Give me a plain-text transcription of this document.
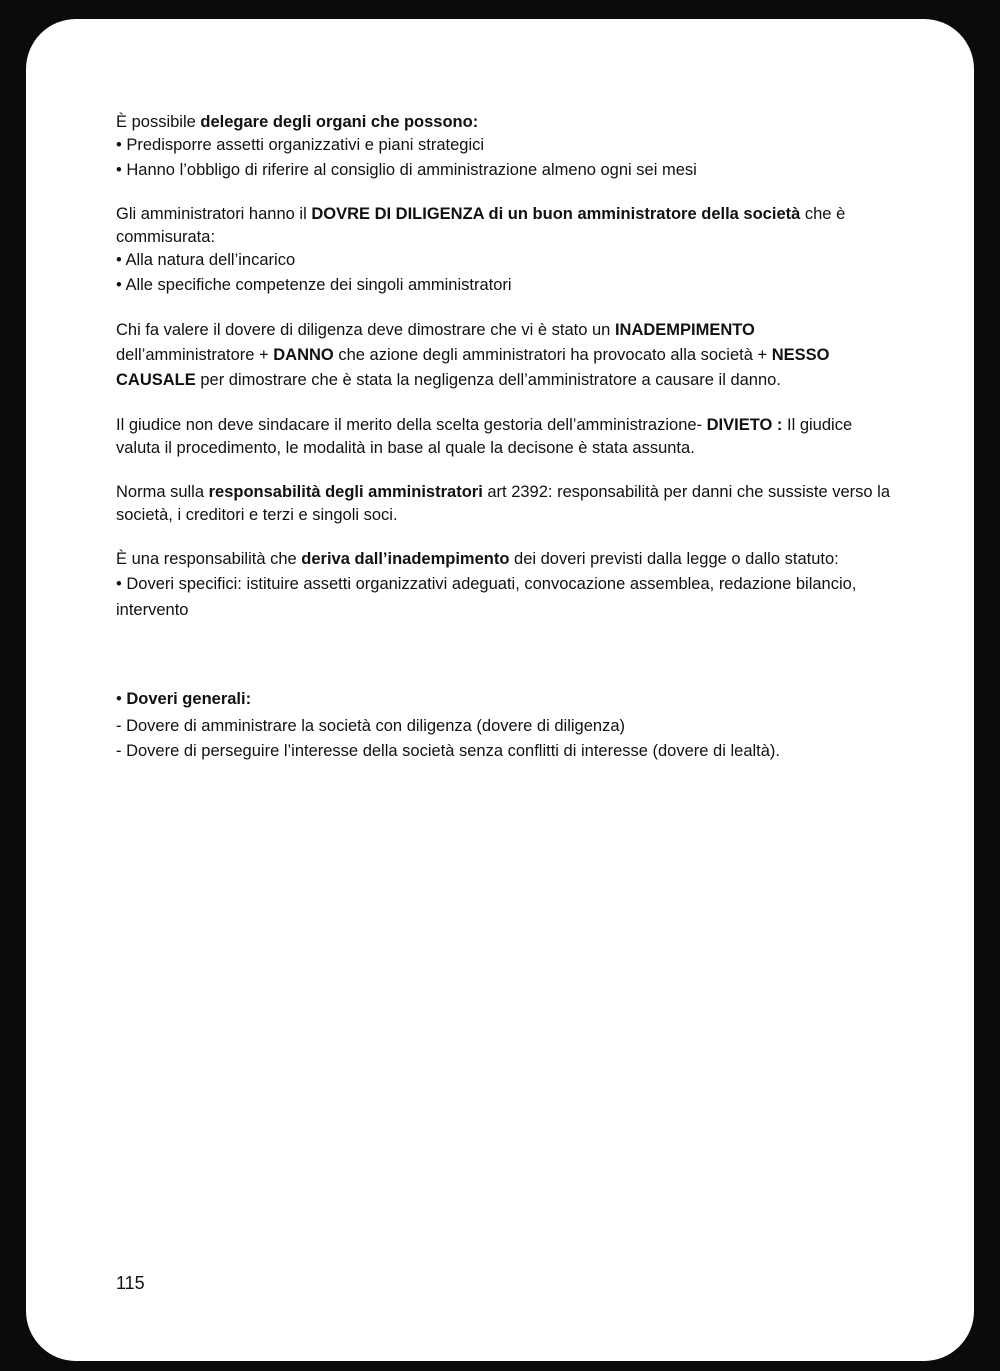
È possibile delegare degli organi che possono:

• Predisporre assetti organizzativi e piani strategici

• Hanno l’obbligo di riferire al consiglio di amministrazione almeno ogni sei mesi

Gli amministratori hanno il DOVRE DI DILIGENZA di un buon amministratore della società che è commisurata:

• Alla natura dell’incarico

• Alle specifiche competenze dei singoli amministratori

Chi fa valere il dovere di diligenza deve dimostrare che vi è stato un INADEMPIMENTO dell’amministratore + DANNO che azione degli amministratori ha provocato alla società + NESSO CAUSALE per dimostrare che è stata la negligenza dell’amministratore a causare il danno.

Il giudice non deve sindacare il merito della scelta gestoria dell’amministrazione- DIVIETO : Il giudice valuta il procedimento, le modalità in base al quale la decisone è stata assunta.

Norma sulla responsabilità degli amministratori art 2392: responsabilità per danni che sussiste verso la società, i creditori e terzi e singoli soci.

È una responsabilità che deriva dall’inadempimento dei doveri previsti dalla legge o dallo statuto:

• Doveri specifici: istituire assetti organizzativi adeguati, convocazione assemblea, redazione bilancio, intervento

• Doveri generali:

- Dovere di amministrare la società con diligenza (dovere di diligenza)

- Dovere di perseguire l’interesse della società senza conflitti di interesse (dovere di lealtà).

115
